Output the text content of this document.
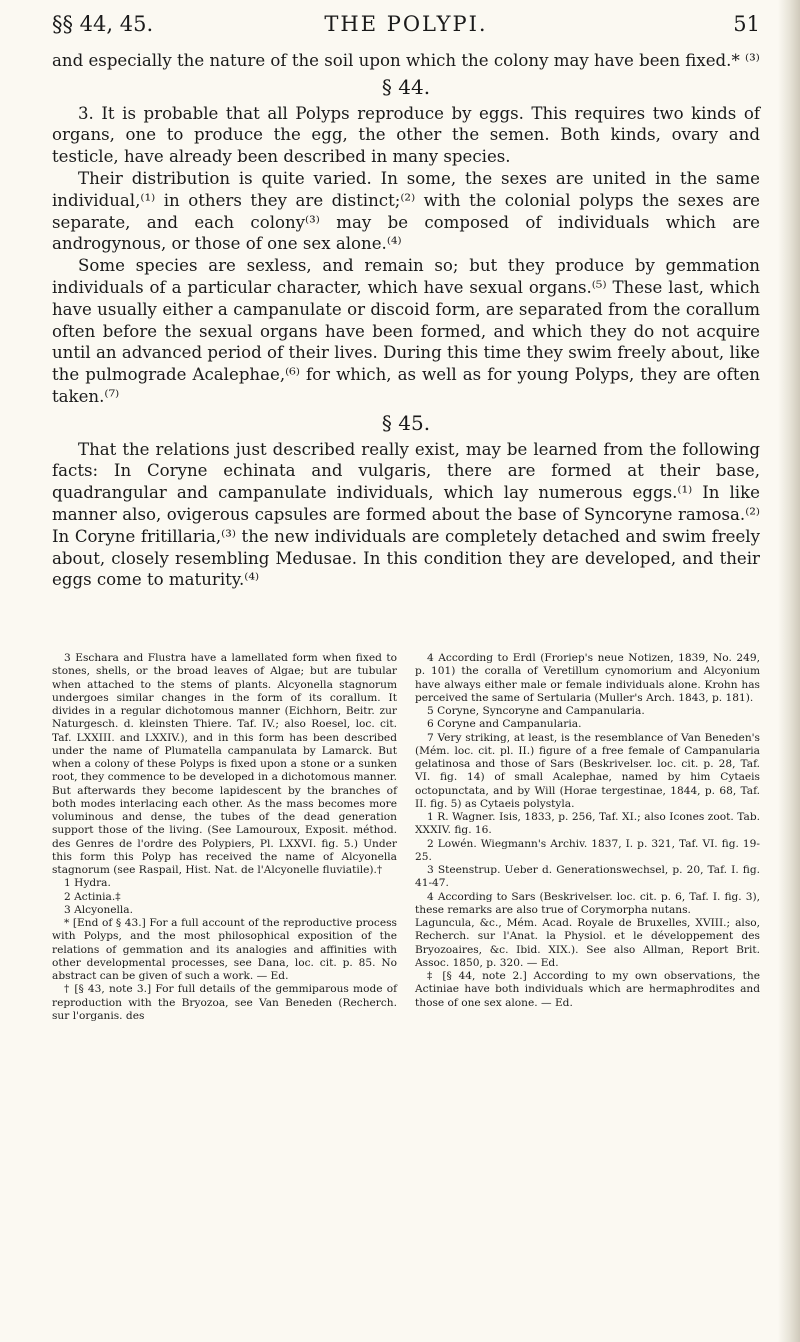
§§ 44, 45.	THE POLYPI.	51

and especially the nature of the soil upon which the colony may have been fixed.* ⁽³⁾

§ 44.

3. It is probable that all Polyps reproduce by eggs. This requires two kinds of organs, one to produce the egg, the other the semen. Both kinds, ovary and testicle, have already been described in many species.

Their distribution is quite varied. In some, the sexes are united in the same individual,⁽¹⁾ in others they are distinct;⁽²⁾ with the colonial polyps the sexes are separate, and each colony⁽³⁾ may be composed of individuals which are androgynous, or those of one sex alone.⁽⁴⁾

Some species are sexless, and remain so; but they produce by gemmation individuals of a particular character, which have sexual organs.⁽⁵⁾ These last, which have usually either a campanulate or discoid form, are separated from the corallum often before the sexual organs have been formed, and which they do not acquire until an advanced period of their lives. During this time they swim freely about, like the pulmograde Acalephae,⁽⁶⁾ for which, as well as for young Polyps, they are often taken.⁽⁷⁾

§ 45.

That the relations just described really exist, may be learned from the following facts: In Coryne echinata and vulgaris, there are formed at their base, quadrangular and campanulate individuals, which lay numerous eggs.⁽¹⁾ In like manner also, ovigerous capsules are formed about the base of Syncoryne ramosa.⁽²⁾ In Coryne fritillaria,⁽³⁾ the new individuals are completely detached and swim freely about, closely resembling Medusae. In this condition they are developed, and their eggs come to maturity.⁽⁴⁾

3 Eschara and Flustra have a lamellated form when fixed to stones, shells, or the broad leaves of Algae; but are tubular when attached to the stems of plants. Alcyonella stagnorum undergoes similar changes in the form of its corallum. It divides in a regular dichotomous manner (Eichhorn, Beitr. zur Naturgesch. d. kleinsten Thiere. Taf. IV.; also Roesel, loc. cit. Taf. LXXIII. and LXXIV.), and in this form has been described under the name of Plumatella campanulata by Lamarck. But when a colony of these Polyps is fixed upon a stone or a sunken root, they commence to be developed in a dichotomous manner. But afterwards they become lapidescent by the branches of both modes interlacing each other. As the mass becomes more voluminous and dense, the tubes of the dead generation support those of the living. (See Lamouroux, Exposit. méthod. des Genres de l'ordre des Polypiers, Pl. LXXVI. fig. 5.) Under this form this Polyp has received the name of Alcyonella stagnorum (see Raspail, Hist. Nat. de l'Alcyonelle fluviatile).†

1 Hydra.

2 Actinia.‡

3 Alcyonella.

* [End of § 43.] For a full account of the reproductive process with Polyps, and the most philosophical exposition of the relations of gemmation and its analogies and affinities with other developmental processes, see Dana, loc. cit. p. 85. No abstract can be given of such a work. — Ed.

† [§ 43, note 3.] For full details of the gemmiparous mode of reproduction with the Bryozoa, see Van Beneden (Recherch. sur l'organis. des

4 According to Erdl (Froriep's neue Notizen, 1839, No. 249, p. 101) the coralla of Veretillum cynomorium and Alcyonium have always either male or female individuals alone. Krohn has perceived the same of Sertularia (Muller's Arch. 1843, p. 181).

5 Coryne, Syncoryne and Campanularia.

6 Coryne and Campanularia.

7 Very striking, at least, is the resemblance of Van Beneden's (Mém. loc. cit. pl. II.) figure of a free female of Campanularia gelatinosa and those of Sars (Beskrivelser. loc. cit. p. 28, Taf. VI. fig. 14) of small Acalephae, named by him Cytaeis octopunctata, and by Will (Horae tergestinae, 1844, p. 68, Taf. II. fig. 5) as Cytaeis polystyla.

1 R. Wagner. Isis, 1833, p. 256, Taf. XI.; also Icones zoot. Tab. XXXIV. fig. 16.

2 Lowén. Wiegmann's Archiv. 1837, I. p. 321, Taf. VI. fig. 19-25.

3 Steenstrup. Ueber d. Generationswechsel, p. 20, Taf. I. fig. 41-47.

4 According to Sars (Beskrivelser. loc. cit. p. 6, Taf. I. fig. 3), these remarks are also true of Corymorpha nutans.

Laguncula, &c., Mém. Acad. Royale de Bruxelles, XVIII.; also, Recherch. sur l'Anat. la Physiol. et le développement des Bryozoaires, &c. Ibid. XIX.). See also Allman, Report Brit. Assoc. 1850, p. 320. — Ed.

‡ [§ 44, note 2.] According to my own observations, the Actiniae have both individuals which are hermaphrodites and those of one sex alone. — Ed.
